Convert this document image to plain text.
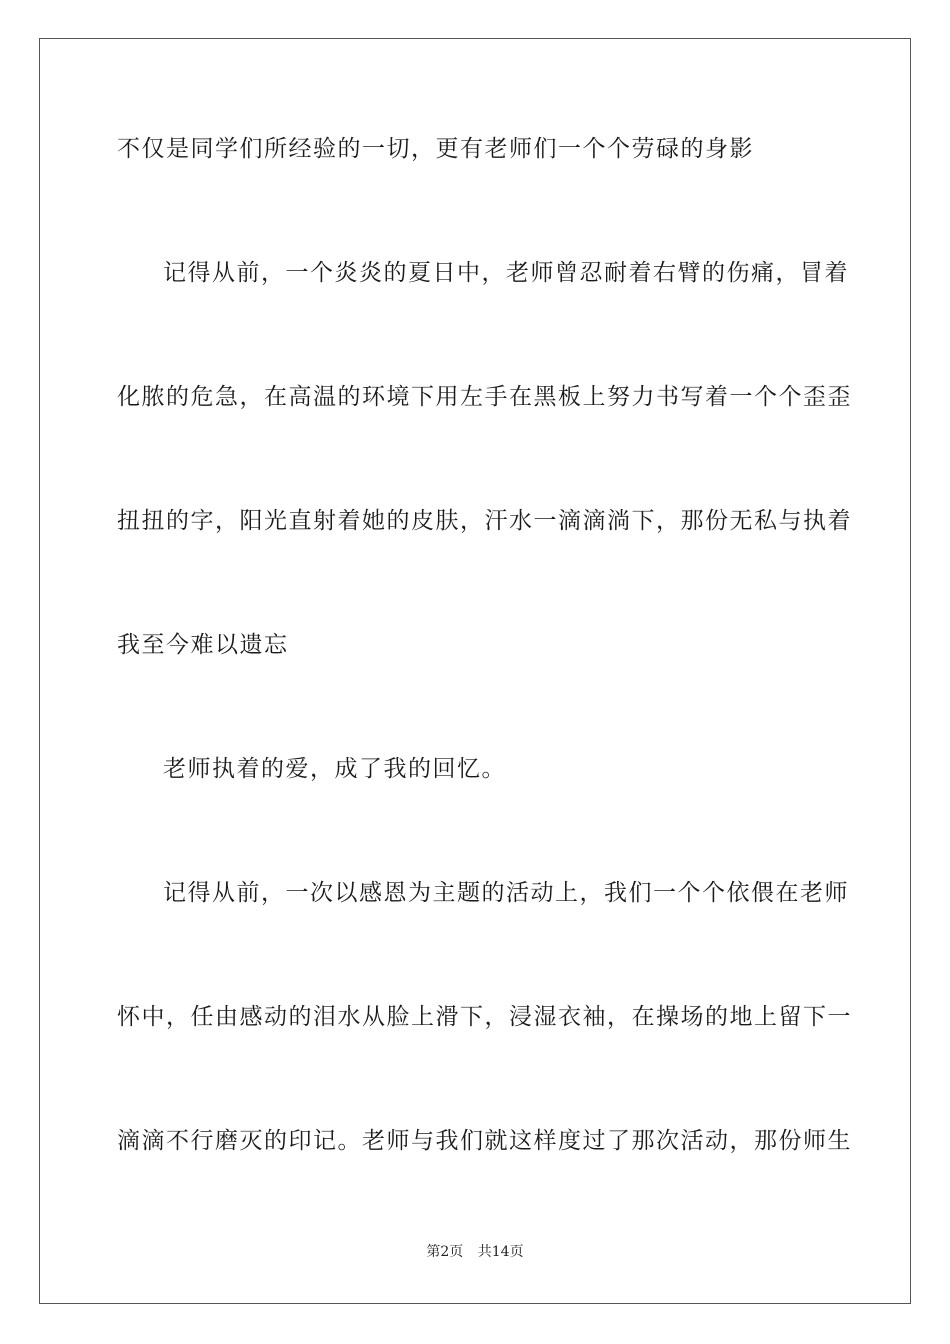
不仅是同学们所经验的一切，更有老师们一个个劳碌的身影
记得从前，一个炎炎的夏日中，老师曾忍耐着右臂的伤痛，冒着
化脓的危急，在高温的环境下用左手在黑板上努力书写着一个个歪歪
扭扭的字，阳光直射着她的皮肤，汗水一滴滴淌下，那份无私与执着
我至今难以遗忘
老师执着的爱，成了我的回忆。
记得从前，一次以感恩为主题的活动上，我们一个个依偎在老师
怀中，任由感动的泪水从脸上滑下，浸湿衣袖，在操场的地上留下一
滴滴不行磨灭的印记。老师与我们就这样度过了那次活动，那份师生
第2页 共14页
